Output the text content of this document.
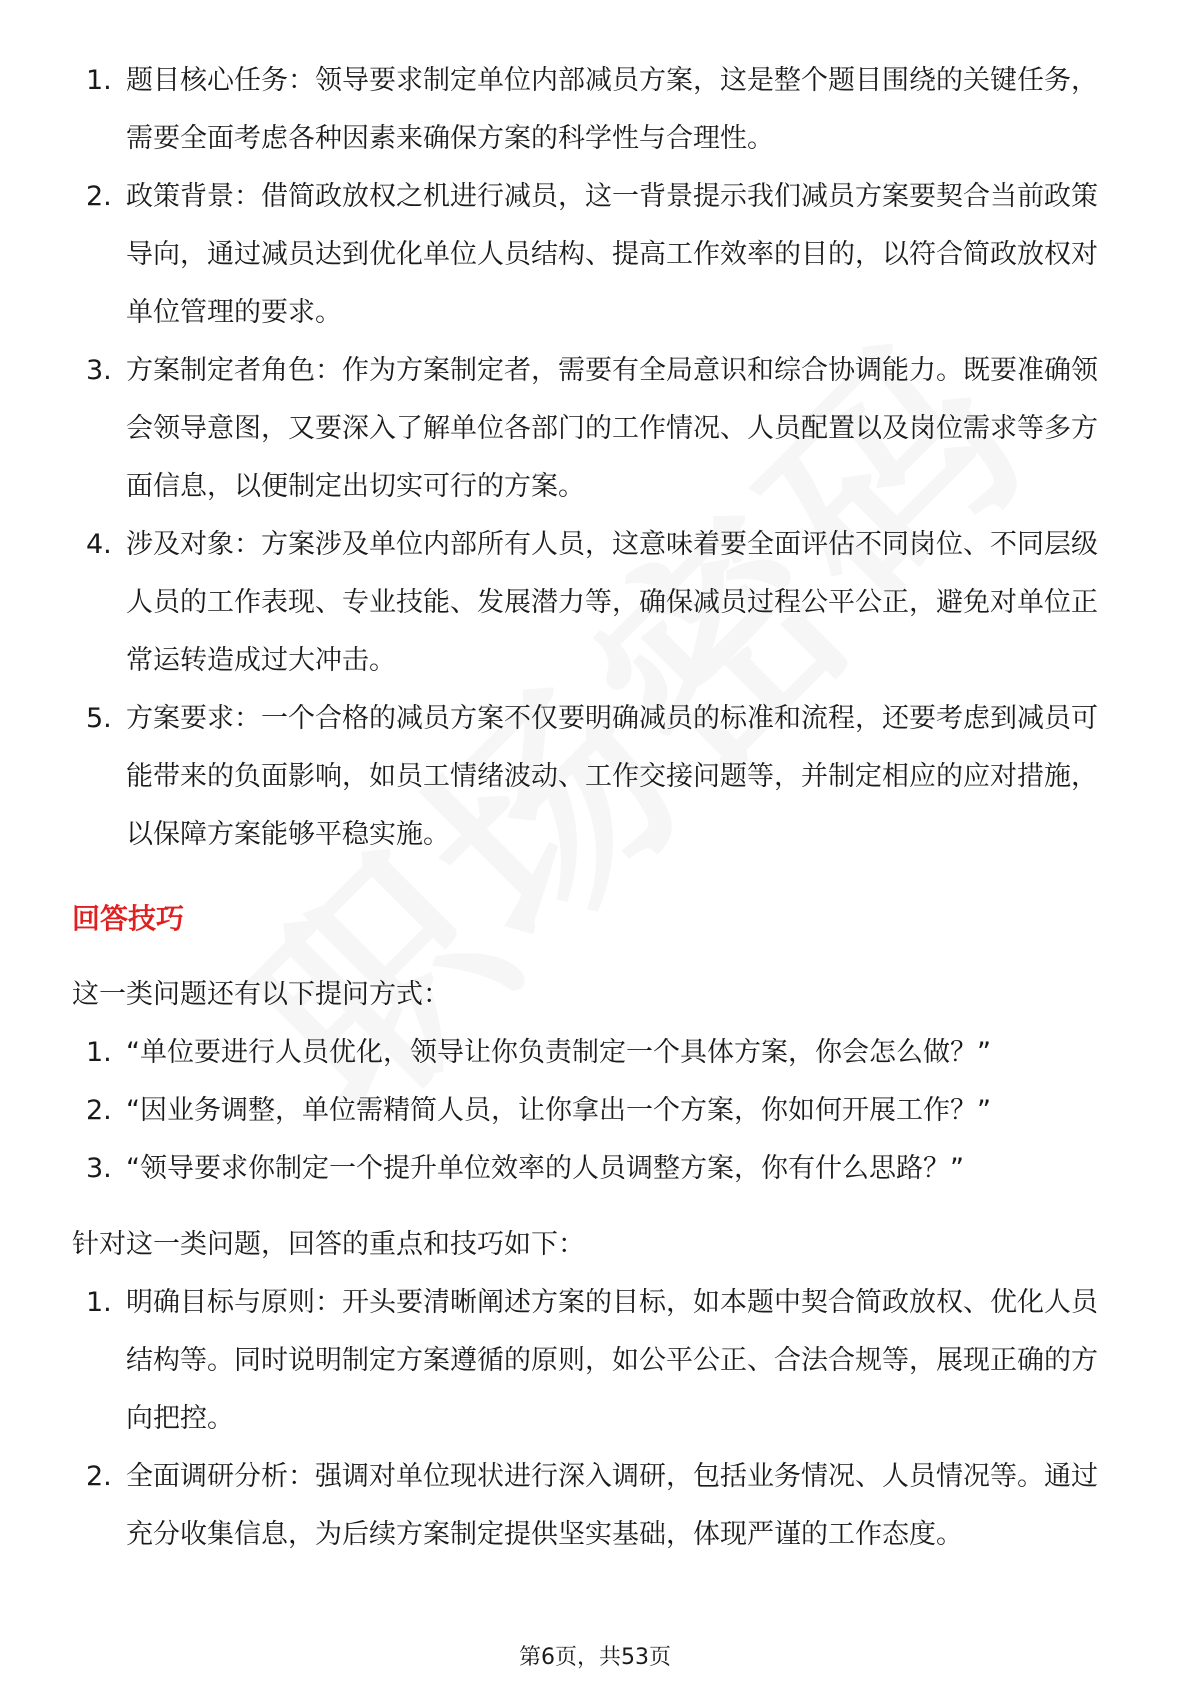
1. 题目核心任务：领导要求制定单位内部减员方案，这是整个题目围绕的关键任务，需要全面考虑各种因素来确保方案的科学性与合理性。
2. 政策背景：借简政放权之机进行减员，这一背景提示我们减员方案要契合当前政策导向，通过减员达到优化单位人员结构、提高工作效率的目的，以符合简政放权对单位管理的要求。
3. 方案制定者角色：作为方案制定者，需要有全局意识和综合协调能力。既要准确领会领导意图，又要深入了解单位各部门的工作情况、人员配置以及岗位需求等多方面信息，以便制定出切实可行的方案。
4. 涉及对象：方案涉及单位内部所有人员，这意味着要全面评估不同岗位、不同层级人员的工作表现、专业技能、发展潜力等，确保减员过程公平公正，避免对单位正常运转造成过大冲击。
5. 方案要求：一个合格的减员方案不仅要明确减员的标准和流程，还要考虑到减员可能带来的负面影响，如员工情绪波动、工作交接问题等，并制定相应的应对措施，以保障方案能够平稳实施。
回答技巧
这一类问题还有以下提问方式：
1. “单位要进行人员优化，领导让你负责制定一个具体方案，你会怎么做？”
2. “因业务调整，单位需精简人员，让你拿出一个方案，你如何开展工作？”
3. “领导要求你制定一个提升单位效率的人员调整方案，你有什么思路？”
针对这一类问题，回答的重点和技巧如下：
1. 明确目标与原则：开头要清晰阐述方案的目标，如本题中契合简政放权、优化人员结构等。同时说明制定方案遵循的原则，如公平公正、合法合规等，展现正确的方向把控。
2. 全面调研分析：强调对单位现状进行深入调研，包括业务情况、人员情况等。通过充分收集信息，为后续方案制定提供坚实基础，体现严谨的工作态度。
第6页，共53页
